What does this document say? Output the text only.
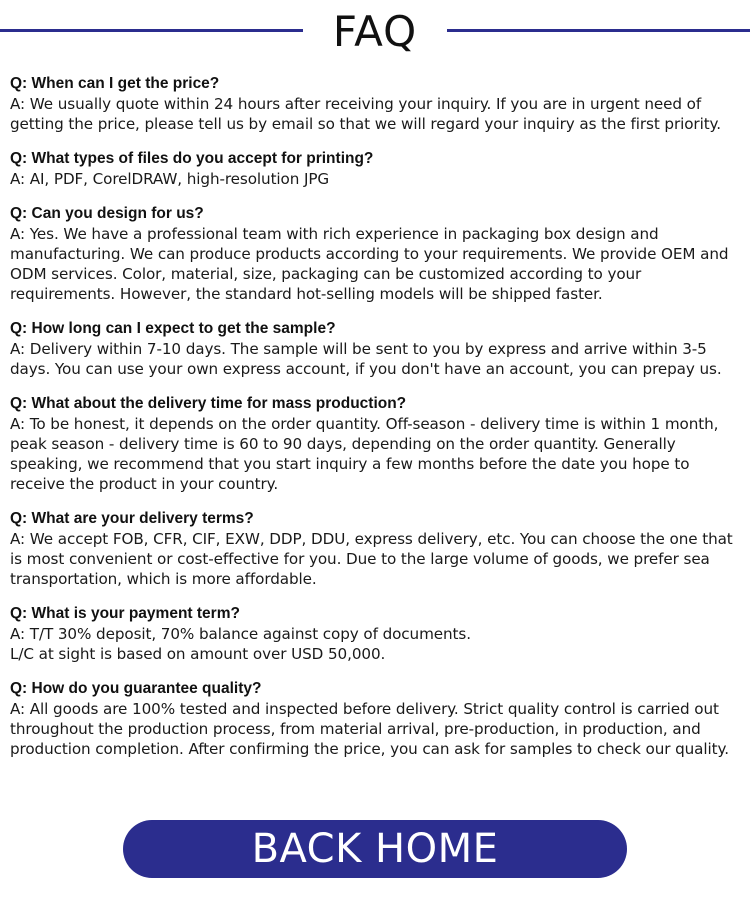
FAQ
Q: When can I get the price?
A: We usually quote within 24 hours after receiving your inquiry. If you are in urgent need of getting the price, please tell us by email so that we will regard your inquiry as the first priority.
Q: What types of files do you accept for printing?
A: AI, PDF, CorelDRAW, high-resolution JPG
Q: Can you design for us?
A: Yes. We have a professional team with rich experience in packaging box design and manufacturing. We can produce products according to your requirements. We provide OEM and ODM services. Color, material, size, packaging can be customized according to your requirements. However, the standard hot-selling models will be shipped faster.
Q: How long can I expect to get the sample?
A: Delivery within 7-10 days. The sample will be sent to you by express and arrive within 3-5 days. You can use your own express account, if you don't have an account, you can prepay us.
Q: What about the delivery time for mass production?
A: To be honest, it depends on the order quantity. Off-season - delivery time is within 1 month, peak season - delivery time is 60 to 90 days, depending on the order quantity. Generally speaking, we recommend that you start inquiry a few months before the date you hope to receive the product in your country.
Q: What are your delivery terms?
A: We accept FOB, CFR, CIF, EXW, DDP, DDU, express delivery, etc. You can choose the one that is most convenient or cost-effective for you. Due to the large volume of goods, we prefer sea transportation, which is more affordable.
Q: What is your payment term?
A: T/T 30% deposit, 70% balance against copy of documents.
L/C at sight is based on amount over USD 50,000.
Q: How do you guarantee quality?
A: All goods are 100% tested and inspected before delivery. Strict quality control is carried out throughout the production process, from material arrival, pre-production, in production, and production completion. After confirming the price, you can ask for samples to check our quality.
BACK HOME
